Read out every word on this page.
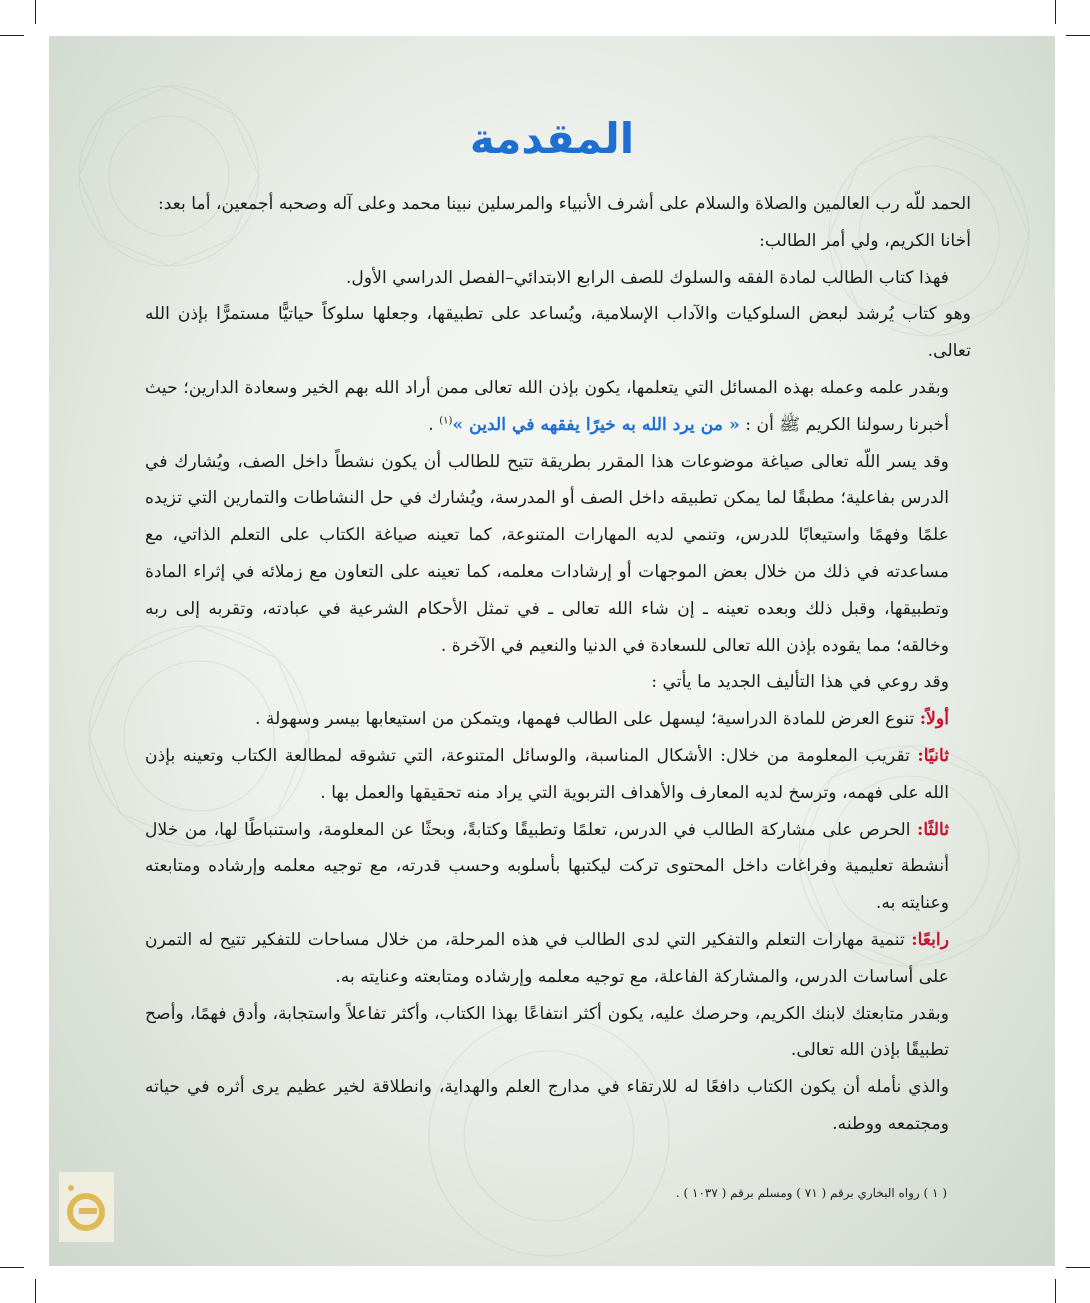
المقدمة

الحمد للّه رب العالمين والصلاة والسلام على أشرف الأنبياء والمرسلين نبينا محمد وعلى آله وصحبه أجمعين، أما بعد:

أخانا الكريم، ولي أمر الطالب:

فهذا كتاب الطالب لمادة الفقه والسلوك للصف الرابع الابتدائي–الفصل الدراسي الأول.

وهو كتاب يُرشد لبعض السلوكيات والآداب الإسلامية، ويُساعد على تطبيقها، وجعلها سلوكاً حياتيًّا مستمرًّا بإذن الله تعالى.

وبقدر علمه وعمله بهذه المسائل التي يتعلمها، يكون بإذن الله تعالى ممن أراد الله بهم الخير وسعادة الدارين؛ حيث أخبرنا رسولنا الكريم ﷺ أن : « من يرد الله به خيرًا يفقهه في الدين »$^{(١)}$ .

وقد يسر اللّه تعالى صياغة موضوعات هذا المقرر بطريقة تتيح للطالب أن يكون نشطاً داخل الصف، ويُشارك في الدرس بفاعلية؛ مطبقًا لما يمكن تطبيقه داخل الصف أو المدرسة، ويُشارك في حل النشاطات والتمارين التي تزيده علمًا وفهمًا واستيعابًا للدرس، وتنمي لديه المهارات المتنوعة، كما تعينه صياغة الكتاب على التعلم الذاتي، مع مساعدته في ذلك من خلال بعض الموجهات أو إرشادات معلمه، كما تعينه على التعاون مع زملائه في إثراء المادة وتطبيقها، وقبل ذلك وبعده تعينه ـ إن شاء الله تعالى ـ في تمثل الأحكام الشرعية في عبادته، وتقربه إلى ربه وخالقه؛ مما يقوده بإذن الله تعالى للسعادة في الدنيا والنعيم في الآخرة .

وقد روعي في هذا التأليف الجديد ما يأتي :

أولاً: تنوع العرض للمادة الدراسية؛ ليسهل على الطالب فهمها، ويتمكن من استيعابها بيسر وسهولة .

ثانيًا: تقريب المعلومة من خلال: الأشكال المناسبة، والوسائل المتنوعة، التي تشوقه لمطالعة الكتاب وتعينه بإذن الله على فهمه، وترسخ لديه المعارف والأهداف التربوية التي يراد منه تحقيقها والعمل بها .

ثالثًا: الحرص على مشاركة الطالب في الدرس، تعلمًا وتطبيقًا وكتابةً، وبحثًا عن المعلومة، واستنباطًا لها، من خلال أنشطة تعليمية وفراغات داخل المحتوى تركت ليكتبها بأسلوبه وحسب قدرته، مع توجيه معلمه وإرشاده ومتابعته وعنايته به.

رابعًا: تنمية مهارات التعلم والتفكير التي لدى الطالب في هذه المرحلة، من خلال مساحات للتفكير تتيح له التمرن على أساسات الدرس، والمشاركة الفاعلة، مع توجيه معلمه وإرشاده ومتابعته وعنايته به.

وبقدر متابعتك لابنك الكريم، وحرصك عليه، يكون أكثر انتفاعًا بهذا الكتاب، وأكثر تفاعلاً واستجابة، وأدق فهمًا، وأصح تطبيقًا بإذن الله تعالى.

والذي نأمله أن يكون الكتاب دافعًا له للارتقاء في مدارج العلم والهداية، وانطلاقة لخير عظيم يرى أثره في حياته ومجتمعه ووطنه.

( ١ ) رواه البخاري برقم ( ٧١ ) ومسلم برقم ( ١٠٣٧ ) .
